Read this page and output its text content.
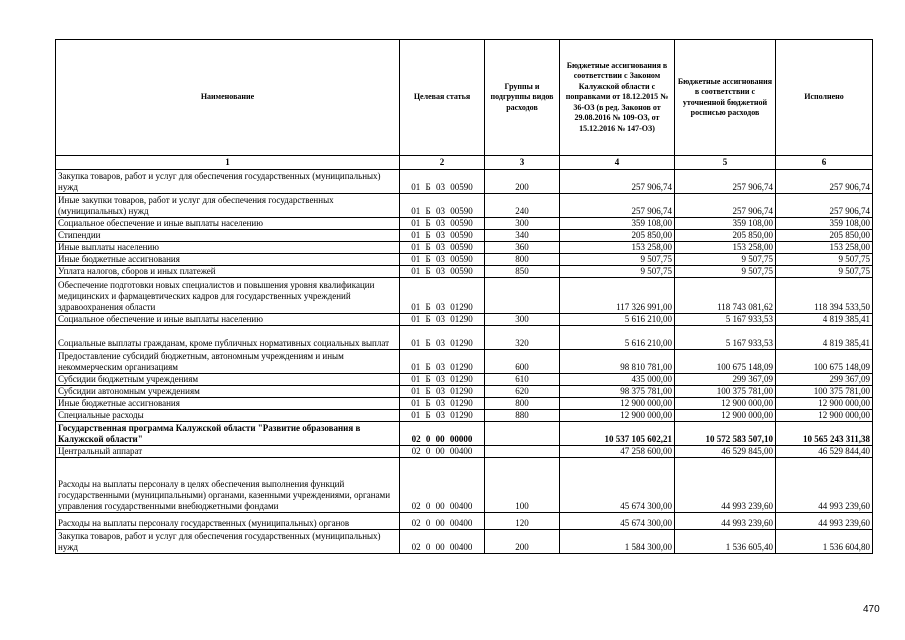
Наименование	Целевая статья	Группы и подгруппы видов расходов	Бюджетные ассигнования в соответствии с Законом Калужской области с поправками от 18.12.2015 № 36-ОЗ (в ред. Законов от 29.08.2016 № 109-ОЗ, от 15.12.2016 № 147-ОЗ)	Бюджетные ассигнования в соответствии с уточненной бюджетной росписью расходов	Исполнено
1	2	3	4	5	6
Закупка товаров, работ и услуг для обеспечения государственных (муниципальных) нужд	01 Б 03 00590	200	257 906,74	257 906,74	257 906,74
Иные закупки товаров, работ и услуг для обеспечения государственных (муниципальных) нужд	01 Б 03 00590	240	257 906,74	257 906,74	257 906,74
Социальное обеспечение и иные выплаты населению	01 Б 03 00590	300	359 108,00	359 108,00	359 108,00
Стипендии	01 Б 03 00590	340	205 850,00	205 850,00	205 850,00
Иные выплаты населению	01 Б 03 00590	360	153 258,00	153 258,00	153 258,00
Иные бюджетные ассигнования	01 Б 03 00590	800	9 507,75	9 507,75	9 507,75
Уплата налогов, сборов и иных платежей	01 Б 03 00590	850	9 507,75	9 507,75	9 507,75
Обеспечение подготовки новых специалистов и повышения уровня квалификации медицинских и фармацевтических кадров для государственных учреждений здравоохранения области	01 Б 03 01290		117 326 991,00	118 743 081,62	118 394 533,50
Социальное обеспечение и иные выплаты населению	01 Б 03 01290	300	5 616 210,00	5 167 933,53	4 819 385,41
Социальные выплаты гражданам, кроме публичных нормативных социальных выплат	01 Б 03 01290	320	5 616 210,00	5 167 933,53	4 819 385,41
Предоставление субсидий бюджетным, автономным учреждениям и иным некоммерческим организациям	01 Б 03 01290	600	98 810 781,00	100 675 148,09	100 675 148,09
Субсидии бюджетным учреждениям	01 Б 03 01290	610	435 000,00	299 367,09	299 367,09
Субсидии автономным учреждениям	01 Б 03 01290	620	98 375 781,00	100 375 781,00	100 375 781,00
Иные бюджетные ассигнования	01 Б 03 01290	800	12 900 000,00	12 900 000,00	12 900 000,00
Специальные расходы	01 Б 03 01290	880	12 900 000,00	12 900 000,00	12 900 000,00
Государственная программа Калужской области "Развитие образования в Калужской области"	02 0 00 00000		10 537 105 602,21	10 572 583 507,10	10 565 243 311,38
Центральный аппарат	02 0 00 00400		47 258 600,00	46 529 845,00	46 529 844,40
Расходы на выплаты персоналу в целях обеспечения выполнения функций государственными (муниципальными) органами, казенными учреждениями, органами управления государственными внебюджетными фондами	02 0 00 00400	100	45 674 300,00	44 993 239,60	44 993 239,60
Расходы на выплаты персоналу государственных (муниципальных) органов	02 0 00 00400	120	45 674 300,00	44 993 239,60	44 993 239,60
Закупка товаров, работ и услуг для обеспечения государственных (муниципальных) нужд	02 0 00 00400	200	1 584 300,00	1 536 605,40	1 536 604,80
470
